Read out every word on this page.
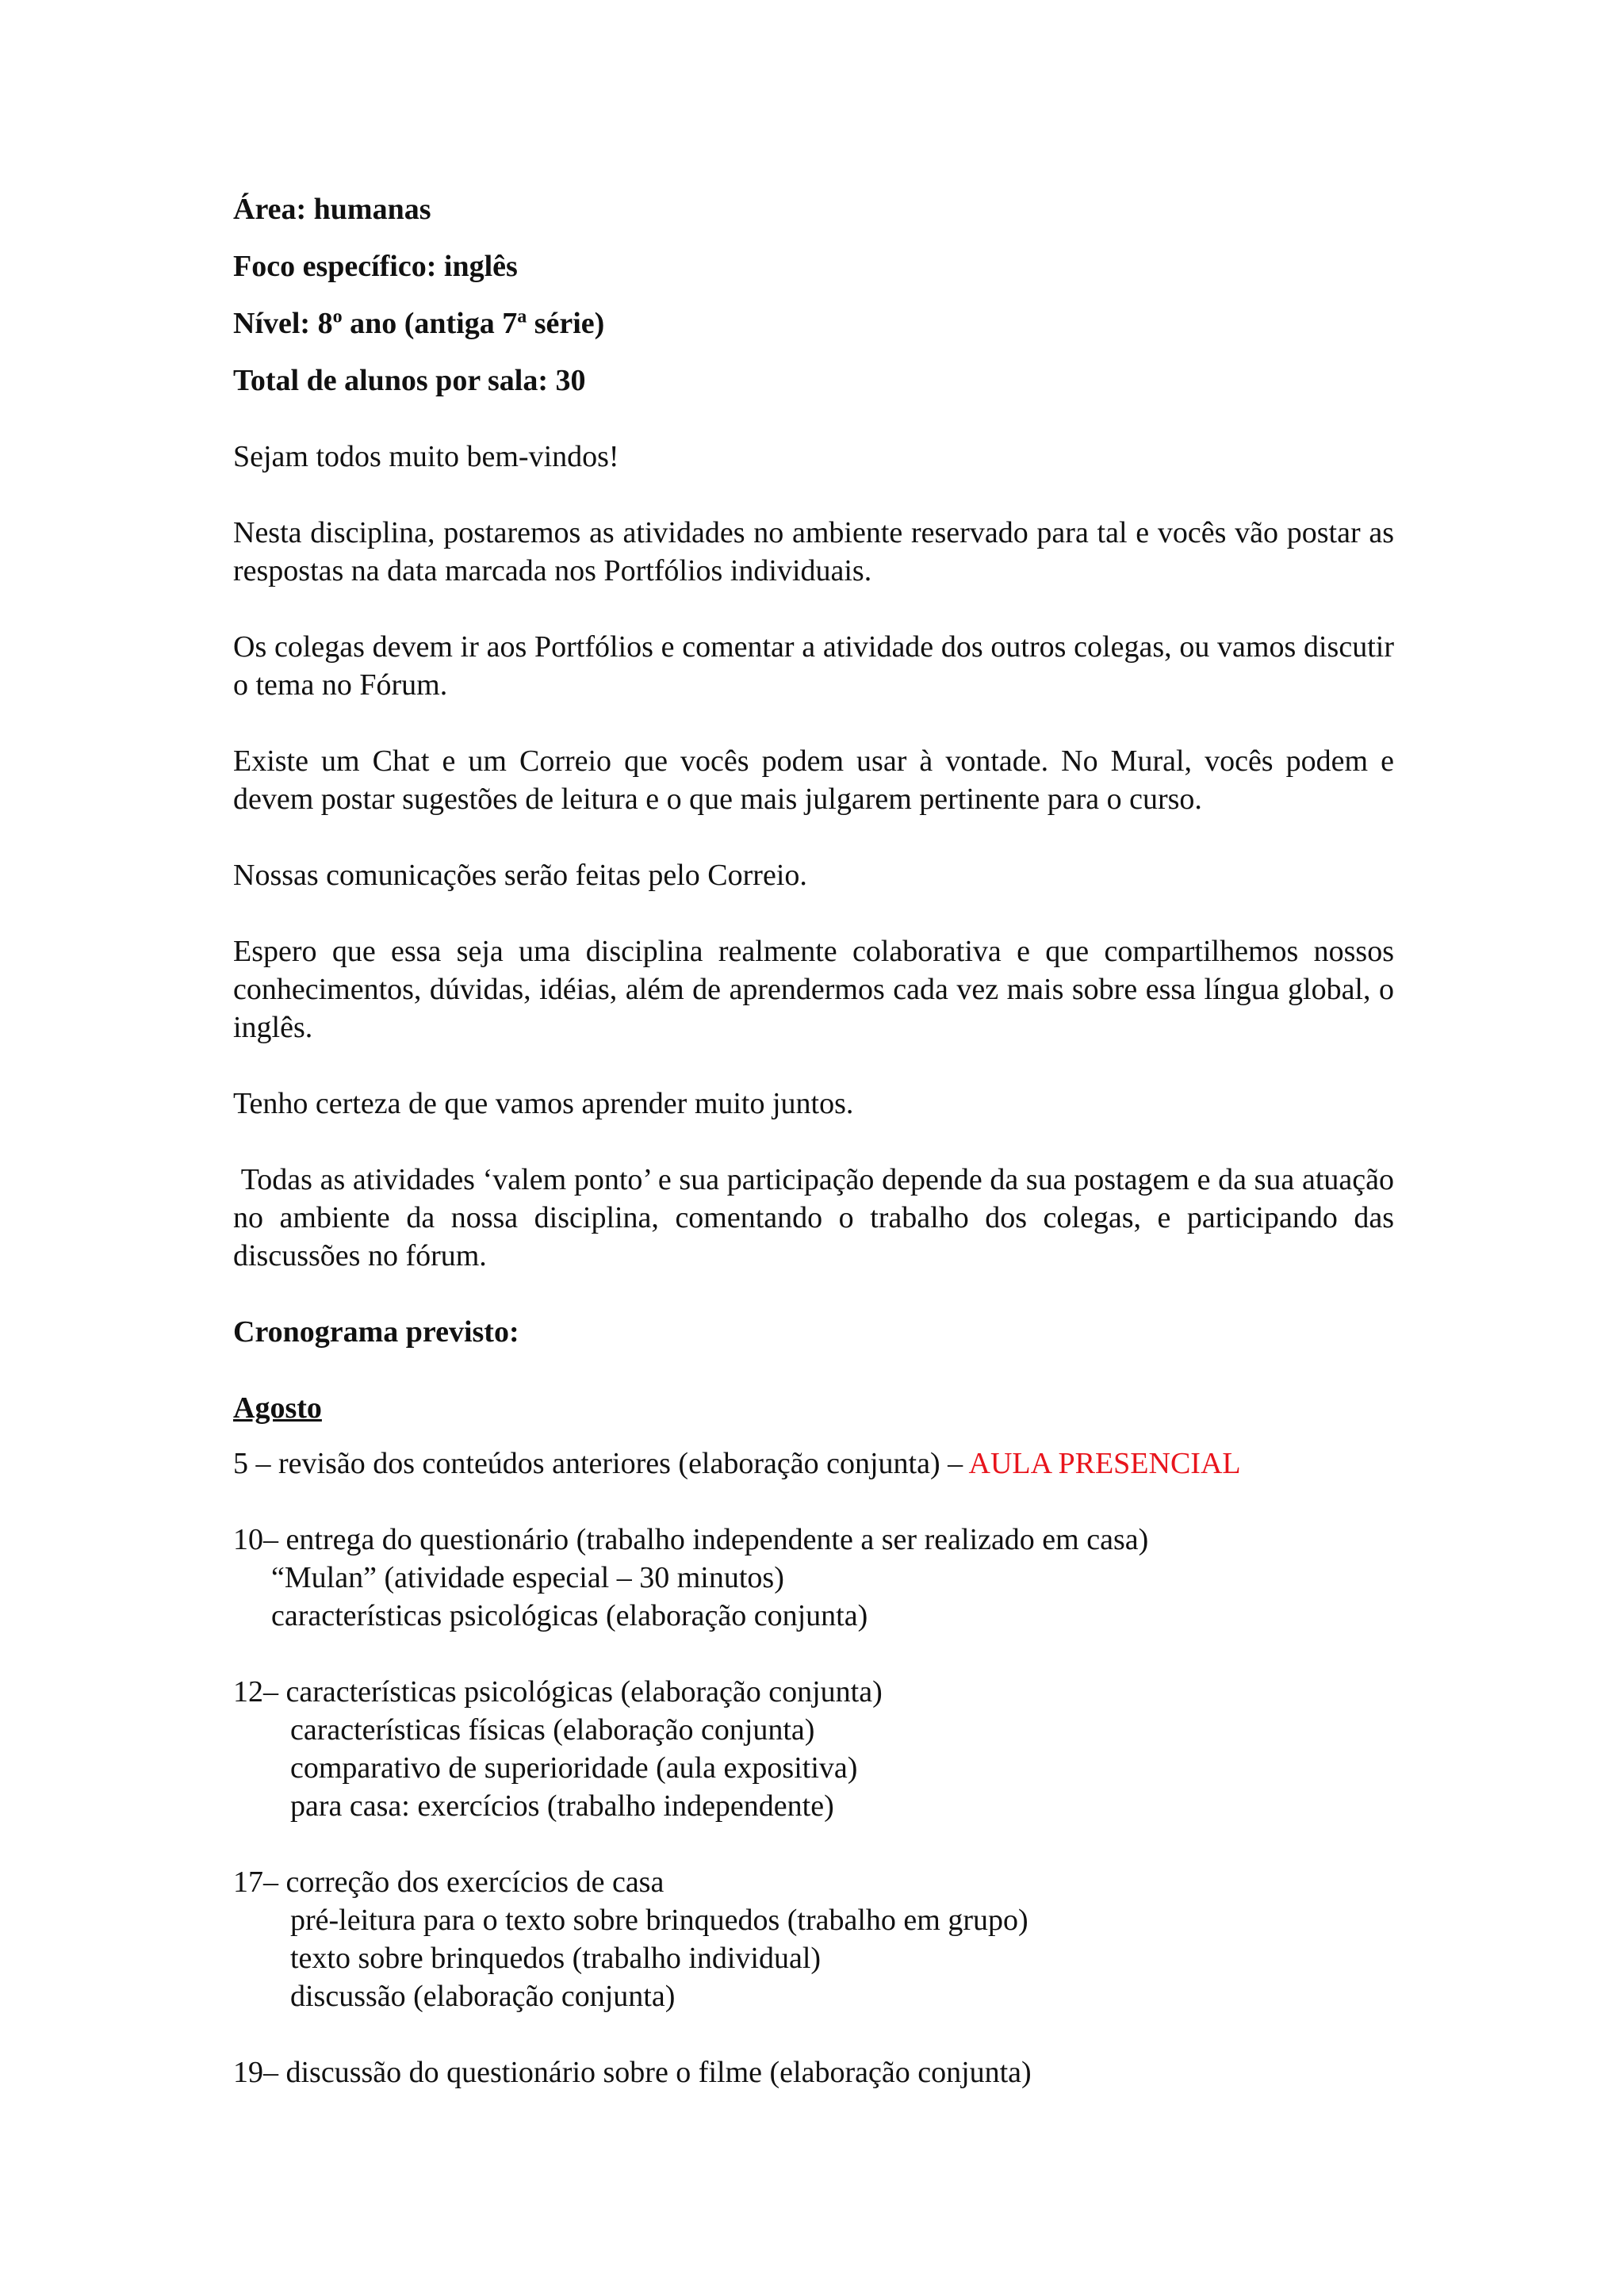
Área: humanas
Foco específico: inglês
Nível: 8$^o$ ano (antiga 7$^a$ série)
Total de alunos por sala: 30

Sejam todos muito bem-vindos!

Nesta disciplina, postaremos as atividades no ambiente reservado para tal e vocês vão postar as respostas na data marcada nos Portfólios individuais.

Os colegas devem ir aos Portfólios e comentar a atividade dos outros colegas, ou vamos discutir o tema no Fórum.

Existe um Chat e um Correio que vocês podem usar à vontade. No Mural, vocês podem e devem postar sugestões de leitura e o que mais julgarem pertinente para o curso.

Nossas comunicações serão feitas pelo Correio.

Espero que essa seja uma disciplina realmente colaborativa e que compartilhemos nossos conhecimentos, dúvidas, idéias, além de aprendermos cada vez mais sobre essa língua global, o inglês.

Tenho certeza de que vamos aprender muito juntos.

Todas as atividades ‘valem ponto’ e sua participação depende da sua postagem e da sua atuação no ambiente da nossa disciplina, comentando o trabalho dos colegas, e participando das discussões no fórum.

Cronograma previsto:
Agosto
5 – revisão dos conteúdos anteriores (elaboração conjunta) – AULA PRESENCIAL
10– entrega do questionário (trabalho independente a ser realizado em casa)
“Mulan” (atividade especial – 30 minutos)
características psicológicas (elaboração conjunta)
12– características psicológicas (elaboração conjunta)
características físicas (elaboração conjunta)
comparativo de superioridade (aula expositiva)
para casa: exercícios (trabalho independente)
17– correção dos exercícios de casa
pré-leitura para o texto sobre brinquedos (trabalho em grupo)
texto sobre brinquedos (trabalho individual)
discussão (elaboração conjunta)
19– discussão do questionário sobre o filme (elaboração conjunta)
